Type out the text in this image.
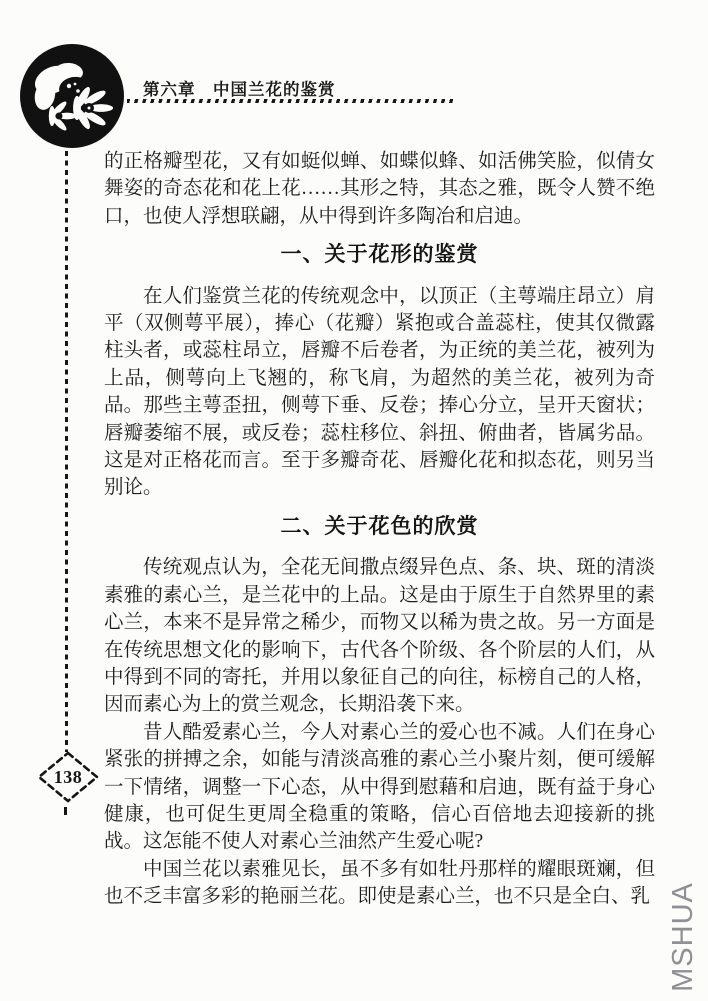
第六章　中国兰花的鉴赏
138

的正格瓣型花，又有如蜓似蝉、如蝶似蜂、如活佛笑脸，似倩女舞姿的奇态花和花上花……其形之特，其态之雅，既令人赞不绝口，也使人浮想联翩，从中得到许多陶冶和启迪。

一、关于花形的鉴赏

在人们鉴赏兰花的传统观念中，以顶正（主萼端庄昂立）肩平（双侧萼平展），捧心（花瓣）紧抱或合盖蕊柱，使其仅微露柱头者，或蕊柱昂立，唇瓣不后卷者，为正统的美兰花，被列为上品，侧萼向上飞翘的，称飞肩，为超然的美兰花，被列为奇品。那些主萼歪扭，侧萼下垂、反卷；捧心分立，呈开天窗状；唇瓣萎缩不展，或反卷；蕊柱移位、斜扭、俯曲者，皆属劣品。这是对正格花而言。至于多瓣奇花、唇瓣化花和拟态花，则另当别论。

二、关于花色的欣赏

传统观点认为，全花无间撒点缀异色点、条、块、斑的清淡素雅的素心兰，是兰花中的上品。这是由于原生于自然界里的素心兰，本来不是异常之稀少，而物又以稀为贵之故。另一方面是在传统思想文化的影响下，古代各个阶级、各个阶层的人们，从中得到不同的寄托，并用以象征自己的向往，标榜自己的人格，因而素心为上的赏兰观念，长期沿袭下来。

昔人酷爱素心兰，今人对素心兰的爱心也不减。人们在身心紧张的拼搏之余，如能与清淡高雅的素心兰小聚片刻，便可缓解一下情绪，调整一下心态，从中得到慰藉和启迪，既有益于身心健康，也可促生更周全稳重的策略，信心百倍地去迎接新的挑战。这怎能不使人对素心兰油然产生爱心呢?

中国兰花以素雅见长，虽不多有如牡丹那样的耀眼斑斓，但也不乏丰富多彩的艳丽兰花。即使是素心兰，也不只是全白、乳 MSHUA
